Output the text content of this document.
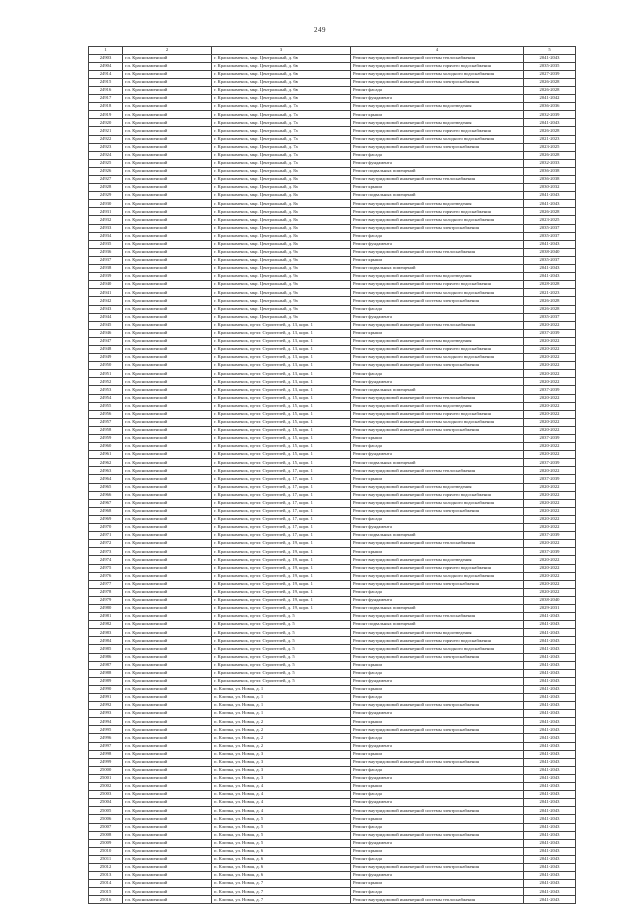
249
1	2	3	4	5
24903	г.п. Краснокаменский	г. Краснокаменск, мкр. Центральный, д. 6в	Ремонт внутридомовой инженерной системы теплоснабжения	2041-2043
24904	г.п. Краснокаменский	г. Краснокаменск, мкр. Центральный, д. 6в	Ремонт внутридомовой инженерной системы горячего водоснабжения	2035-2035
24914	г.п. Краснокаменский	г. Краснокаменск, мкр. Центральный, д. 6в	Ремонт внутридомовой инженерной системы холодного водоснабжения	2027-2039
24915	г.п. Краснокаменский	г. Краснокаменск, мкр. Центральный, д. 6в	Ремонт внутридомовой инженерной системы электроснабжения	2026-2028
24916	г.п. Краснокаменский	г. Краснокаменск, мкр. Центральный, д. 6в	Ремонт фасада	2026-2028
24917	г.п. Краснокаменский	г. Краснокаменск, мкр. Центральный, д. 6в	Ремонт фундамента	2041-2042
24918	г.п. Краснокаменский	г. Краснокаменск, мкр. Центральный, д. 7а	Ремонт внутридомовой инженерной системы водоотведения	2036-2036
24919	г.п. Краснокаменский	г. Краснокаменск, мкр. Центральный, д. 7а	Ремонт крыши	2032-2039
24920	г.п. Краснокаменский	г. Краснокаменск, мкр. Центральный, д. 7а	Ремонт внутридомовой инженерной системы водоотведения	2041-2043
24921	г.п. Краснокаменский	г. Краснокаменск, мкр. Центральный, д. 7а	Ремонт внутридомовой инженерной системы горячего водоснабжения	2026-2028
24922	г.п. Краснокаменский	г. Краснокаменск, мкр. Центральный, д. 7а	Ремонт внутридомовой инженерной системы холодного водоснабжения	2021-2023
24923	г.п. Краснокаменский	г. Краснокаменск, мкр. Центральный, д. 7а	Ремонт внутридомовой инженерной системы электроснабжения	2023-2025
24924	г.п. Краснокаменский	г. Краснокаменск, мкр. Центральный, д. 7а	Ремонт фасада	2026-2028
24925	г.п. Краснокаменский	г. Краснокаменск, мкр. Центральный, д. 7а	Ремонт фундамента	2032-2033
24926	г.п. Краснокаменский	г. Краснокаменск, мкр. Центральный, д. 8а	Ремонт подвальных помещений	2036-2038
24927	г.п. Краснокаменский	г. Краснокаменск, мкр. Центральный, д. 8а	Ремонт внутридомовой инженерной системы теплоснабжения	2036-2038
24928	г.п. Краснокаменский	г. Краснокаменск, мкр. Центральный, д. 8а	Ремонт крыши	2030-2032
24929	г.п. Краснокаменский	г. Краснокаменск, мкр. Центральный, д. 8а	Ремонт подвальных помещений	2041-2043
24930	г.п. Краснокаменский	г. Краснокаменск, мкр. Центральный, д. 8а	Ремонт внутридомовой инженерной системы водоотведения	2041-2043
24931	г.п. Краснокаменский	г. Краснокаменск, мкр. Центральный, д. 8а	Ремонт внутридомовой инженерной системы горячего водоснабжения	2026-2028
24932	г.п. Краснокаменский	г. Краснокаменск, мкр. Центральный, д. 8а	Ремонт внутридомовой инженерной системы холодного водоснабжения	2023-2025
24933	г.п. Краснокаменский	г. Краснокаменск, мкр. Центральный, д. 8а	Ремонт внутридомовой инженерной системы электроснабжения	2035-2037
24934	г.п. Краснокаменский	г. Краснокаменск, мкр. Центральный, д. 8а	Ремонт фасада	2035-2037
24935	г.п. Краснокаменский	г. Краснокаменск, мкр. Центральный, д. 8а	Ремонт фундамента	2041-2043
24936	г.п. Краснокаменский	г. Краснокаменск, мкр. Центральный, д. 9а	Ремонт внутридомовой инженерной системы теплоснабжения	2038-2040
24937	г.п. Краснокаменский	г. Краснокаменск, мкр. Центральный, д. 9а	Ремонт крыши	2035-2037
24938	г.п. Краснокаменский	г. Краснокаменск, мкр. Центральный, д. 9а	Ремонт подвальных помещений	2041-2043
24939	г.п. Краснокаменский	г. Краснокаменск, мкр. Центральный, д. 9а	Ремонт внутридомовой инженерной системы водоотведения	2041-2043
24940	г.п. Краснокаменский	г. Краснокаменск, мкр. Центральный, д. 9а	Ремонт внутридомовой инженерной системы горячего водоснабжения	2028-2028
24941	г.п. Краснокаменский	г. Краснокаменск, мкр. Центральный, д. 9а	Ремонт внутридомовой инженерной системы холодного водоснабжения	2021-2023
24942	г.п. Краснокаменский	г. Краснокаменск, мкр. Центральный, д. 9а	Ремонт внутридомовой инженерной системы электроснабжения	2026-2028
24943	г.п. Краснокаменский	г. Краснокаменск, мкр. Центральный, д. 9а	Ремонт фасада	2026-2028
24944	г.п. Краснокаменский	г. Краснокаменск, мкр. Центральный, д. 9а	Ремонт фундамента	2035-2037
24945	г.п. Краснокаменский	г. Краснокаменск, пр-кт. Строителей, д. 13, корп. 1	Ремонт внутридомовой инженерной системы теплоснабжения	2020-2022
24946	г.п. Краснокаменский	г. Краснокаменск, пр-кт. Строителей, д. 13, корп. 1	Ремонт крыши	2037-2039
24947	г.п. Краснокаменский	г. Краснокаменск, пр-кт. Строителей, д. 13, корп. 1	Ремонт внутридомовой инженерной системы водоотведения	2020-2022
24948	г.п. Краснокаменский	г. Краснокаменск, пр-кт. Строителей, д. 13, корп. 1	Ремонт внутридомовой инженерной системы горячего водоснабжения	2020-2022
24949	г.п. Краснокаменский	г. Краснокаменск, пр-кт. Строителей, д. 13, корп. 1	Ремонт внутридомовой инженерной системы холодного водоснабжения	2020-2022
24950	г.п. Краснокаменский	г. Краснокаменск, пр-кт. Строителей, д. 13, корп. 1	Ремонт внутридомовой инженерной системы электроснабжения	2020-2022
24951	г.п. Краснокаменский	г. Краснокаменск, пр-кт. Строителей, д. 13, корп. 1	Ремонт фасада	2020-2022
24952	г.п. Краснокаменский	г. Краснокаменск, пр-кт. Строителей, д. 13, корп. 1	Ремонт фундамента	2020-2022
24953	г.п. Краснокаменский	г. Краснокаменск, пр-кт. Строителей, д. 13, корп. 1	Ремонт подвальных помещений	2037-2039
24954	г.п. Краснокаменский	г. Краснокаменск, пр-кт. Строителей, д. 15, корп. 1	Ремонт внутридомовой инженерной системы теплоснабжения	2020-2022
24955	г.п. Краснокаменский	г. Краснокаменск, пр-кт. Строителей, д. 15, корп. 1	Ремонт внутридомовой инженерной системы водоотведения	2020-2022
24956	г.п. Краснокаменский	г. Краснокаменск, пр-кт. Строителей, д. 15, корп. 1	Ремонт внутридомовой инженерной системы горячего водоснабжения	2020-2022
24957	г.п. Краснокаменский	г. Краснокаменск, пр-кт. Строителей, д. 15, корп. 1	Ремонт внутридомовой инженерной системы холодного водоснабжения	2020-2022
24958	г.п. Краснокаменский	г. Краснокаменск, пр-кт. Строителей, д. 15, корп. 1	Ремонт внутридомовой инженерной системы электроснабжения	2020-2022
24959	г.п. Краснокаменский	г. Краснокаменск, пр-кт. Строителей, д. 15, корп. 1	Ремонт крыши	2037-2039
24960	г.п. Краснокаменский	г. Краснокаменск, пр-кт. Строителей, д. 15, корп. 1	Ремонт фасада	2020-2022
24961	г.п. Краснокаменский	г. Краснокаменск, пр-кт. Строителей, д. 15, корп. 1	Ремонт фундамента	2020-2022
24962	г.п. Краснокаменский	г. Краснокаменск, пр-кт. Строителей, д. 15, корп. 1	Ремонт подвальных помещений	2037-2039
24963	г.п. Краснокаменский	г. Краснокаменск, пр-кт. Строителей, д. 17, корп. 1	Ремонт внутридомовой инженерной системы теплоснабжения	2020-2022
24964	г.п. Краснокаменский	г. Краснокаменск, пр-кт. Строителей, д. 17, корп. 1	Ремонт крыши	2037-2039
24965	г.п. Краснокаменский	г. Краснокаменск, пр-кт. Строителей, д. 17, корп. 1	Ремонт внутридомовой инженерной системы водоотведения	2020-2022
24966	г.п. Краснокаменский	г. Краснокаменск, пр-кт. Строителей, д. 17, корп. 1	Ремонт внутридомовой инженерной системы горячего водоснабжения	2020-2022
24967	г.п. Краснокаменский	г. Краснокаменск, пр-кт. Строителей, д. 17, корп. 1	Ремонт внутридомовой инженерной системы холодного водоснабжения	2020-2022
24968	г.п. Краснокаменский	г. Краснокаменск, пр-кт. Строителей, д. 17, корп. 1	Ремонт внутридомовой инженерной системы электроснабжения	2020-2022
24969	г.п. Краснокаменский	г. Краснокаменск, пр-кт. Строителей, д. 17, корп. 1	Ремонт фасада	2020-2022
24970	г.п. Краснокаменский	г. Краснокаменск, пр-кт. Строителей, д. 17, корп. 1	Ремонт фундамента	2020-2022
24971	г.п. Краснокаменский	г. Краснокаменск, пр-кт. Строителей, д. 17, корп. 1	Ремонт подвальных помещений	2037-2039
24972	г.п. Краснокаменский	г. Краснокаменск, пр-кт. Строителей, д. 19, корп. 1	Ремонт внутридомовой инженерной системы теплоснабжения	2020-2022
24973	г.п. Краснокаменский	г. Краснокаменск, пр-кт. Строителей, д. 19, корп. 1	Ремонт крыши	2037-2039
24974	г.п. Краснокаменский	г. Краснокаменск, пр-кт. Строителей, д. 19, корп. 1	Ремонт внутридомовой инженерной системы водоотведения	2020-2022
24975	г.п. Краснокаменский	г. Краснокаменск, пр-кт. Строителей, д. 19, корп. 1	Ремонт внутридомовой инженерной системы горячего водоснабжения	2020-2022
24976	г.п. Краснокаменский	г. Краснокаменск, пр-кт. Строителей, д. 19, корп. 1	Ремонт внутридомовой инженерной системы холодного водоснабжения	2020-2022
24977	г.п. Краснокаменский	г. Краснокаменск, пр-кт. Строителей, д. 19, корп. 1	Ремонт внутридомовой инженерной системы электроснабжения	2020-2022
24978	г.п. Краснокаменский	г. Краснокаменск, пр-кт. Строителей, д. 19, корп. 1	Ремонт фасада	2020-2022
24979	г.п. Краснокаменский	г. Краснокаменск, пр-кт. Строителей, д. 19, корп. 1	Ремонт фундамента	2038-2040
24980	г.п. Краснокаменский	г. Краснокаменск, пр-кт. Строителей, д. 19, корп. 1	Ремонт подвальных помещений	2029-2031
24981	г.п. Краснокаменский	г. Краснокаменск, пр-кт. Строителей, д. 5	Ремонт внутридомовой инженерной системы теплоснабжения	2041-2043
24982	г.п. Краснокаменский	г. Краснокаменск, пр-кт. Строителей, д. 5	Ремонт подвальных помещений	2041-2043
24983	г.п. Краснокаменский	г. Краснокаменск, пр-кт. Строителей, д. 5	Ремонт внутридомовой инженерной системы водоотведения	2041-2043
24984	г.п. Краснокаменский	г. Краснокаменск, пр-кт. Строителей, д. 5	Ремонт внутридомовой инженерной системы горячего водоснабжения	2041-2043
24985	г.п. Краснокаменский	г. Краснокаменск, пр-кт. Строителей, д. 5	Ремонт внутридомовой инженерной системы холодного водоснабжения	2041-2043
24986	г.п. Краснокаменский	г. Краснокаменск, пр-кт. Строителей, д. 5	Ремонт внутридомовой инженерной системы электроснабжения	2041-2043
24987	г.п. Краснокаменский	г. Краснокаменск, пр-кт. Строителей, д. 5	Ремонт крыши	2041-2043
24988	г.п. Краснокаменский	г. Краснокаменск, пр-кт. Строителей, д. 5	Ремонт фасада	2041-2043
24989	г.п. Краснокаменский	г. Краснокаменск, пр-кт. Строителей, д. 5	Ремонт фундамента	2041-2043
24990	г.п. Краснокаменский	п. Кличка, ул. Новая, д. 1	Ремонт крыши	2041-2043
24991	г.п. Краснокаменский	п. Кличка, ул. Новая, д. 1	Ремонт фасада	2041-2043
24992	г.п. Краснокаменский	п. Кличка, ул. Новая, д. 1	Ремонт внутридомовой инженерной системы электроснабжения	2041-2043
24993	г.п. Краснокаменский	п. Кличка, ул. Новая, д. 1	Ремонт фундамента	2041-2043
24994	г.п. Краснокаменский	п. Кличка, ул. Новая, д. 2	Ремонт крыши	2041-2043
24995	г.п. Краснокаменский	п. Кличка, ул. Новая, д. 2	Ремонт внутридомовой инженерной системы электроснабжения	2041-2043
24996	г.п. Краснокаменский	п. Кличка, ул. Новая, д. 2	Ремонт фасада	2041-2043
24997	г.п. Краснокаменский	п. Кличка, ул. Новая, д. 2	Ремонт фундамента	2041-2043
24998	г.п. Краснокаменский	п. Кличка, ул. Новая, д. 3	Ремонт крыши	2041-2043
24999	г.п. Краснокаменский	п. Кличка, ул. Новая, д. 3	Ремонт внутридомовой инженерной системы электроснабжения	2041-2043
25000	г.п. Краснокаменский	п. Кличка, ул. Новая, д. 3	Ремонт фасада	2041-2043
25001	г.п. Краснокаменский	п. Кличка, ул. Новая, д. 3	Ремонт фундамента	2041-2043
25002	г.п. Краснокаменский	п. Кличка, ул. Новая, д. 4	Ремонт крыши	2041-2043
25003	г.п. Краснокаменский	п. Кличка, ул. Новая, д. 4	Ремонт фасада	2041-2043
25004	г.п. Краснокаменский	п. Кличка, ул. Новая, д. 4	Ремонт фундамента	2041-2043
25005	г.п. Краснокаменский	п. Кличка, ул. Новая, д. 4	Ремонт внутридомовой инженерной системы электроснабжения	2041-2043
25006	г.п. Краснокаменский	п. Кличка, ул. Новая, д. 5	Ремонт крыши	2041-2043
25007	г.п. Краснокаменский	п. Кличка, ул. Новая, д. 5	Ремонт фасада	2041-2043
25008	г.п. Краснокаменский	п. Кличка, ул. Новая, д. 5	Ремонт внутридомовой инженерной системы электроснабжения	2041-2043
25009	г.п. Краснокаменский	п. Кличка, ул. Новая, д. 5	Ремонт фундамента	2041-2043
25010	г.п. Краснокаменский	п. Кличка, ул. Новая, д. 6	Ремонт крыши	2041-2043
25011	г.п. Краснокаменский	п. Кличка, ул. Новая, д. 6	Ремонт фасада	2041-2043
25012	г.п. Краснокаменский	п. Кличка, ул. Новая, д. 6	Ремонт внутридомовой инженерной системы электроснабжения	2041-2043
25013	г.п. Краснокаменский	п. Кличка, ул. Новая, д. 6	Ремонт фундамента	2041-2043
25014	г.п. Краснокаменский	п. Кличка, ул. Новая, д. 7	Ремонт крыши	2041-2043
25015	г.п. Краснокаменский	п. Кличка, ул. Новая, д. 7	Ремонт фасада	2041-2043
25016	г.п. Краснокаменский	п. Кличка, ул. Новая, д. 7	Ремонт внутридомовой инженерной системы теплоснабжения	2041-2043
